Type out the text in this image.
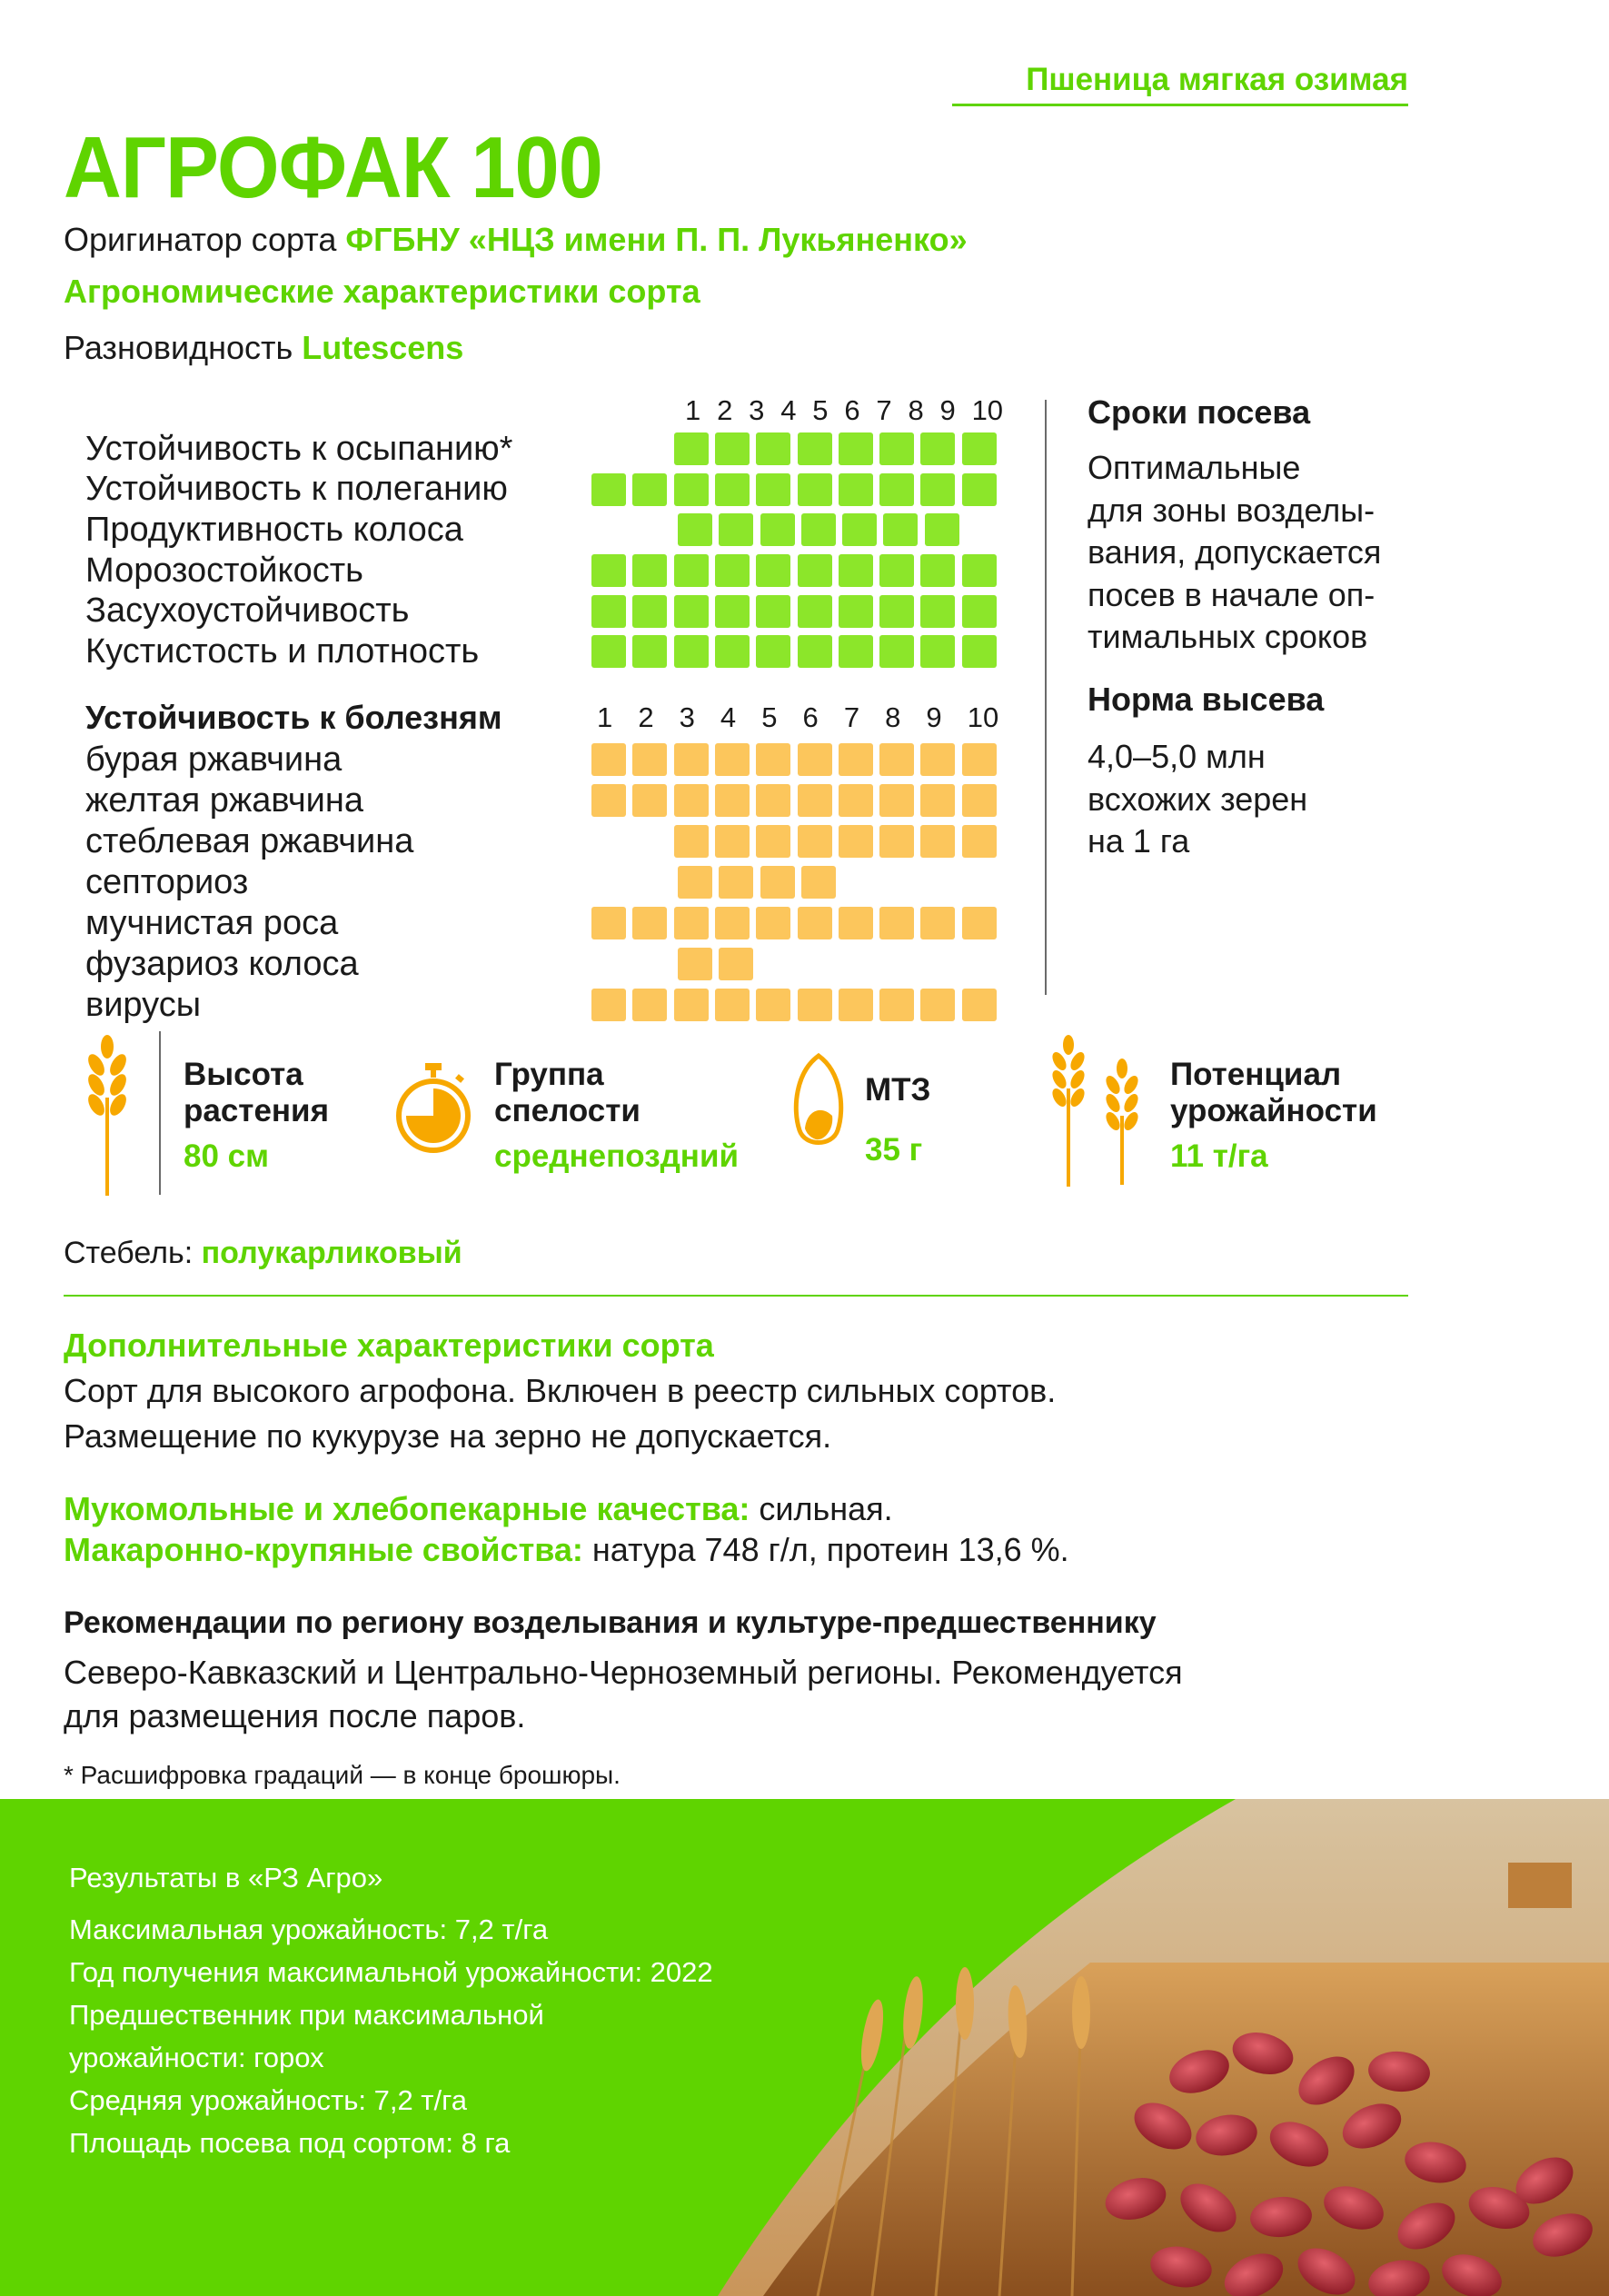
Пшеница мягкая озимая
АГРОФАК 100
Оригинатор сорта ФГБНУ «НЦЗ имени П. П. Лукьяненко»
Агрономические характеристики сорта
Разновидность Lutescens
1 2 3 4 5 6 7 8 9 10
Устойчивость к осыпанию*
Устойчивость к полеганию
Продуктивность колоса
Морозостойкость
Засухоустойчивость
Кустистость и плотность
Устойчивость к болезням	1 2 3 4 5 6 7 8 9 10
бурая ржавчина
желтая ржавчина
стеблевая ржавчина
септориоз
мучнистая роса
фузариоз колоса
вирусы
Сроки посева
Оптимальные
для зоны возделы-
вания, допускается
посев в начале оп-
тимальных сроков
Норма высева
4,0–5,0 млн
всхожих зерен
на 1 га
Высота
растения
80 см
Группа
спелости
среднепоздний
МТЗ
35 г
Потенциал
урожайности
11 т/га
Стебель: полукарликовый
Дополнительные характеристики сорта
Сорт для высокого агрофона. Включен в реестр сильных сортов.
Размещение по кукурузе на зерно не допускается.
Мукомольные и хлебопекарные качества: сильная.
Макаронно-крупяные свойства: натура 748 г/л, протеин 13,6 %.
Рекомендации по региону возделывания и культуре-предшественнику
Северо-Кавказский и Центрально-Черноземный регионы. Рекомендуется
для размещения после паров.
* Расшифровка градаций — в конце брошюры.
Результаты в «РЗ Агро»
Максимальная урожайность: 7,2 т/га
Год получения максимальной урожайности: 2022
Предшественник при максимальной
урожайности: горох
Средняя урожайность: 7,2 т/га
Площадь посева под сортом: 8 га
